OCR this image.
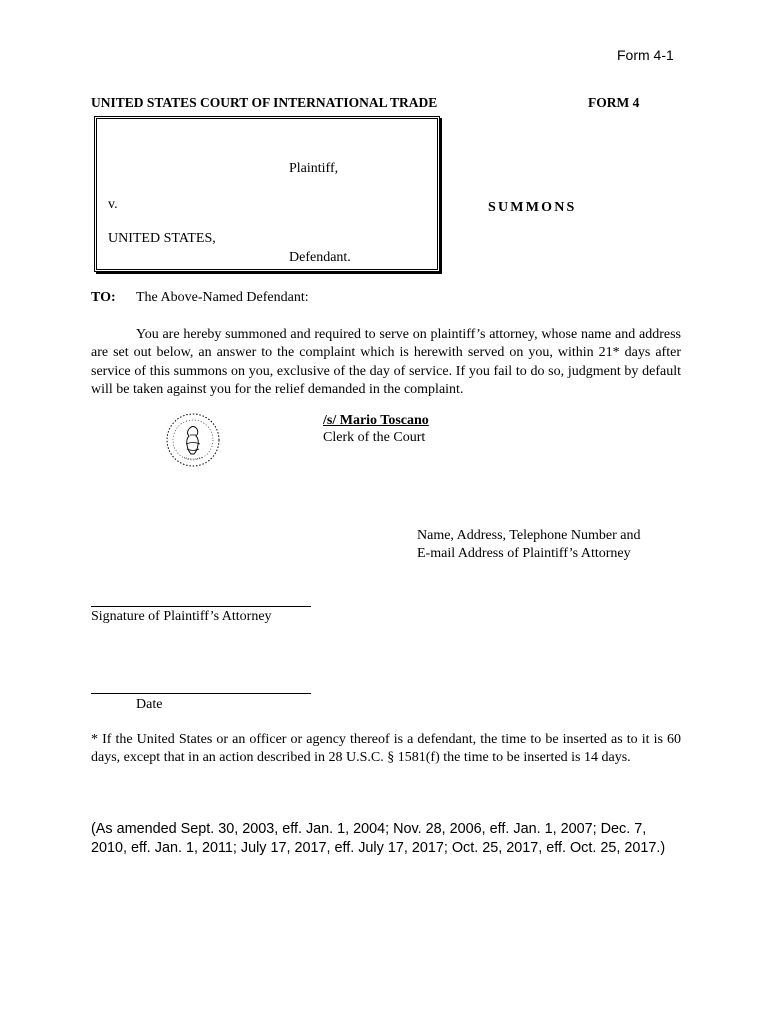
Form 4-1
UNITED STATES COURT OF INTERNATIONAL TRADE	FORM 4
Plaintiff,
v.
UNITED STATES,
Defendant.
SUMMONS
TO: The Above-Named Defendant:

You are hereby summoned and required to serve on plaintiff’s attorney, whose name and address are set out below, an answer to the complaint which is herewith served on you, within 21* days after service of this summons on you, exclusive of the day of service. If you fail to do so, judgment by default will be taken against you for the relief demanded in the complaint.

/s/ Mario Toscano
Clerk of the Court
Name, Address, Telephone Number and
E-mail Address of Plaintiff’s Attorney
Signature of Plaintiff’s Attorney
Date

* If the United States or an officer or agency thereof is a defendant, the time to be inserted as to it is 60 days, except that in an action described in 28 U.S.C. § 1581(f) the time to be inserted is 14 days.

(As amended Sept. 30, 2003, eff. Jan. 1, 2004; Nov. 28, 2006, eff. Jan. 1, 2007; Dec. 7, 2010, eff. Jan. 1, 2011; July 17, 2017, eff. July 17, 2017; Oct. 25, 2017, eff. Oct. 25, 2017.)
